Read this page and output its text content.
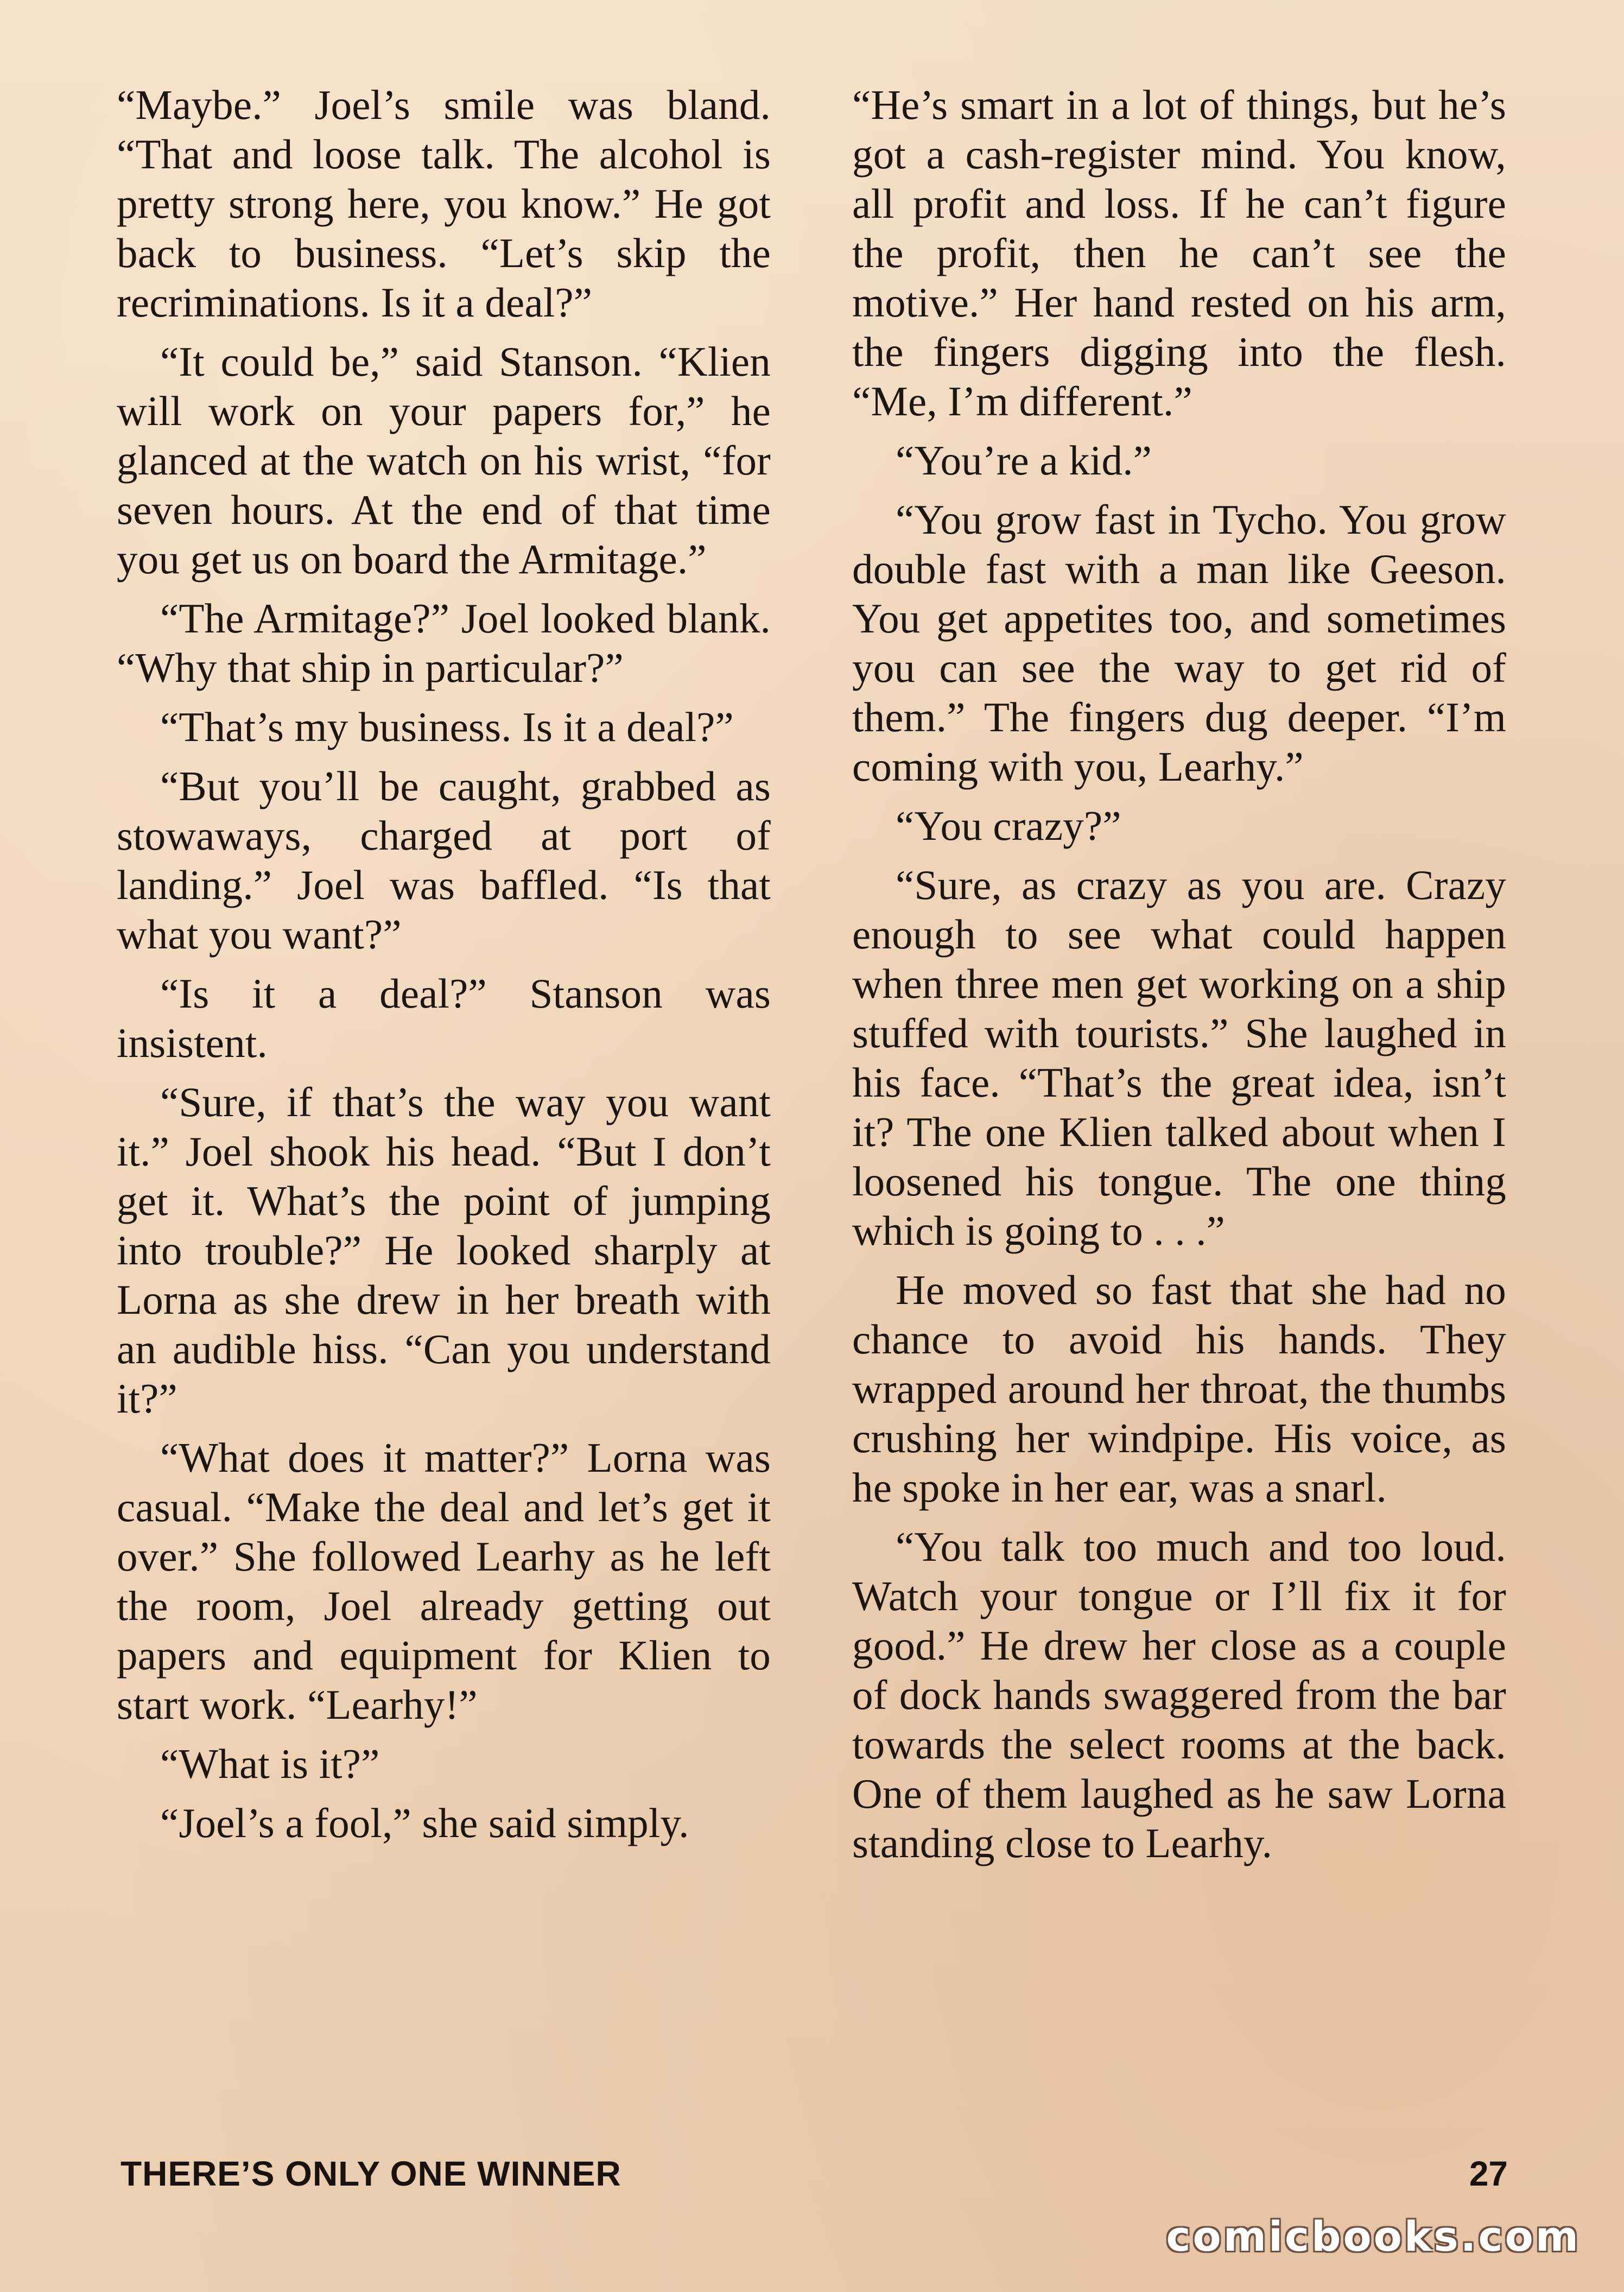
“Maybe.” Joel’s smile was bland. “That and loose talk. The alcohol is pretty strong here, you know.” He got back to business. “Let’s skip the recriminations. Is it a deal?”

“It could be,” said Stanson. “Klien will work on your papers for,” he glanced at the watch on his wrist, “for seven hours. At the end of that time you get us on board the Armitage.”

“The Armitage?” Joel looked blank. “Why that ship in particular?”

“That’s my business. Is it a deal?”

“But you’ll be caught, grabbed as stowaways, charged at port of landing.” Joel was baffled. “Is that what you want?”

“Is it a deal?” Stanson was insistent.

“Sure, if that’s the way you want it.” Joel shook his head. “But I don’t get it. What’s the point of jumping into trouble?” He looked sharply at Lorna as she drew in her breath with an audible hiss. “Can you understand it?”

“What does it matter?” Lorna was casual. “Make the deal and let’s get it over.” She followed Learhy as he left the room, Joel already getting out papers and equipment for Klien to start work. “Learhy!”

“What is it?”

“Joel’s a fool,” she said simply.

“He’s smart in a lot of things, but he’s got a cash-register mind. You know, all profit and loss. If he can’t figure the profit, then he can’t see the motive.” Her hand rested on his arm, the fingers digging into the flesh. “Me, I’m different.”

“You’re a kid.”

“You grow fast in Tycho. You grow double fast with a man like Geeson. You get appetites too, and sometimes you can see the way to get rid of them.” The fingers dug deeper. “I’m coming with you, Learhy.”

“You crazy?”

“Sure, as crazy as you are. Crazy enough to see what could happen when three men get working on a ship stuffed with tourists.” She laughed in his face. “That’s the great idea, isn’t it? The one Klien talked about when I loosened his tongue. The one thing which is going to . . .”

He moved so fast that she had no chance to avoid his hands. They wrapped around her throat, the thumbs crushing her windpipe. His voice, as he spoke in her ear, was a snarl.

“You talk too much and too loud. Watch your tongue or I’ll fix it for good.” He drew her close as a couple of dock hands swaggered from the bar towards the select rooms at the back. One of them laughed as he saw Lorna standing close to Learhy.

THERE’S ONLY ONE WINNER	27
comicbooks.com
